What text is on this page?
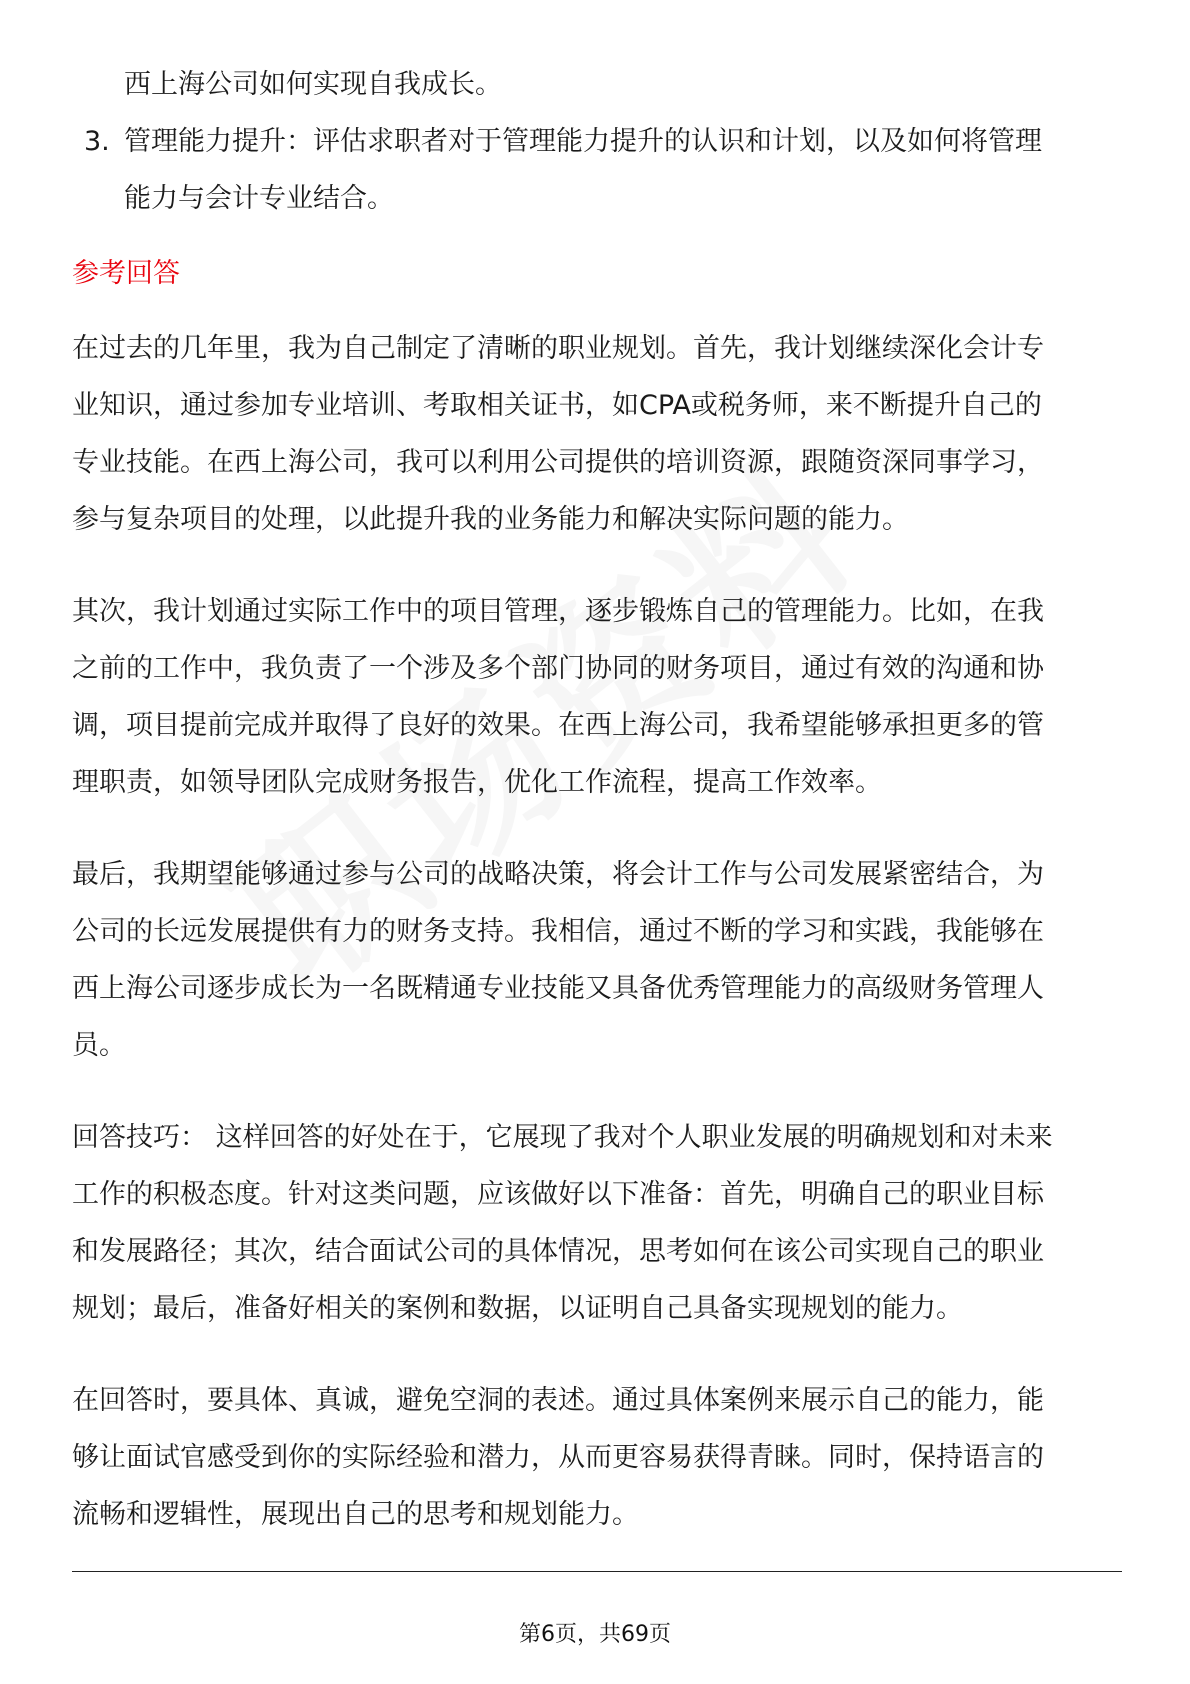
西上海公司如何实现自我成长。
3. 管理能力提升：评估求职者对于管理能力提升的认识和计划，以及如何将管理
能力与会计专业结合。
参考回答
在过去的几年里，我为自己制定了清晰的职业规划。首先，我计划继续深化会计专
业知识，通过参加专业培训、考取相关证书，如CPA或税务师，来不断提升自己的
专业技能。在西上海公司，我可以利用公司提供的培训资源，跟随资深同事学习，
参与复杂项目的处理，以此提升我的业务能力和解决实际问题的能力。
其次，我计划通过实际工作中的项目管理，逐步锻炼自己的管理能力。比如，在我
之前的工作中，我负责了一个涉及多个部门协同的财务项目，通过有效的沟通和协
调，项目提前完成并取得了良好的效果。在西上海公司，我希望能够承担更多的管
理职责，如领导团队完成财务报告，优化工作流程，提高工作效率。
最后，我期望能够通过参与公司的战略决策，将会计工作与公司发展紧密结合，为
公司的长远发展提供有力的财务支持。我相信，通过不断的学习和实践，我能够在
西上海公司逐步成长为一名既精通专业技能又具备优秀管理能力的高级财务管理人
员。
回答技巧： 这样回答的好处在于，它展现了我对个人职业发展的明确规划和对未来
工作的积极态度。针对这类问题，应该做好以下准备：首先，明确自己的职业目标
和发展路径；其次，结合面试公司的具体情况，思考如何在该公司实现自己的职业
规划；最后，准备好相关的案例和数据，以证明自己具备实现规划的能力。
在回答时，要具体、真诚，避免空洞的表述。通过具体案例来展示自己的能力，能
够让面试官感受到你的实际经验和潜力，从而更容易获得青睐。同时，保持语言的
流畅和逻辑性，展现出自己的思考和规划能力。
第6页，共69页
